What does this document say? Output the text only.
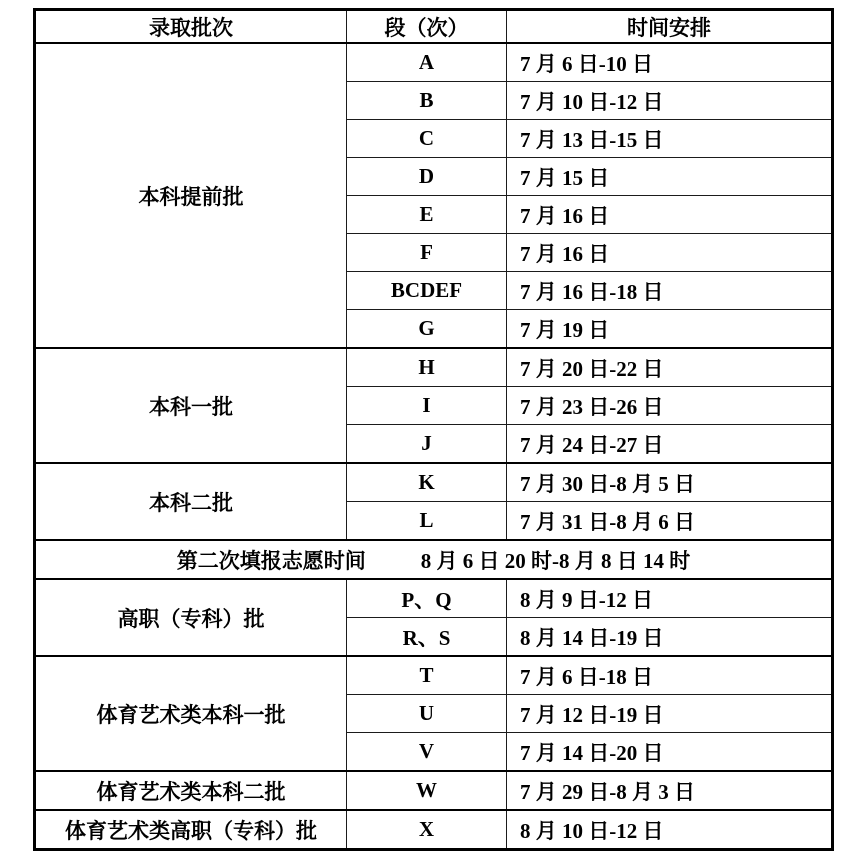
录取批次	段（次）	时间安排
本科提前批	A	7 月 6 日-10 日
	B	7 月 10 日-12 日
	C	7 月 13 日-15 日
	D	7 月 15 日
	E	7 月 16 日
	F	7 月 16 日
	BCDEF	7 月 16 日-18 日
	G	7 月 19 日
本科一批	H	7 月 20 日-22 日
	I	7 月 23 日-26 日
	J	7 月 24 日-27 日
本科二批	K	7 月 30 日-8 月 5 日
	L	7 月 31 日-8 月 6 日

第二次填报志愿时间 8 月 6 日 20 时-8 月 8 日 14 时		

高职（专科）批	P、Q	8 月 9 日-12 日
	R、S	8 月 14 日-19 日
体育艺术类本科一批	T	7 月 6 日-18 日
	U	7 月 12 日-19 日
	V	7 月 14 日-20 日
体育艺术类本科二批	W	7 月 29 日-8 月 3 日
体育艺术类高职（专科）批	X	8 月 10 日-12 日
